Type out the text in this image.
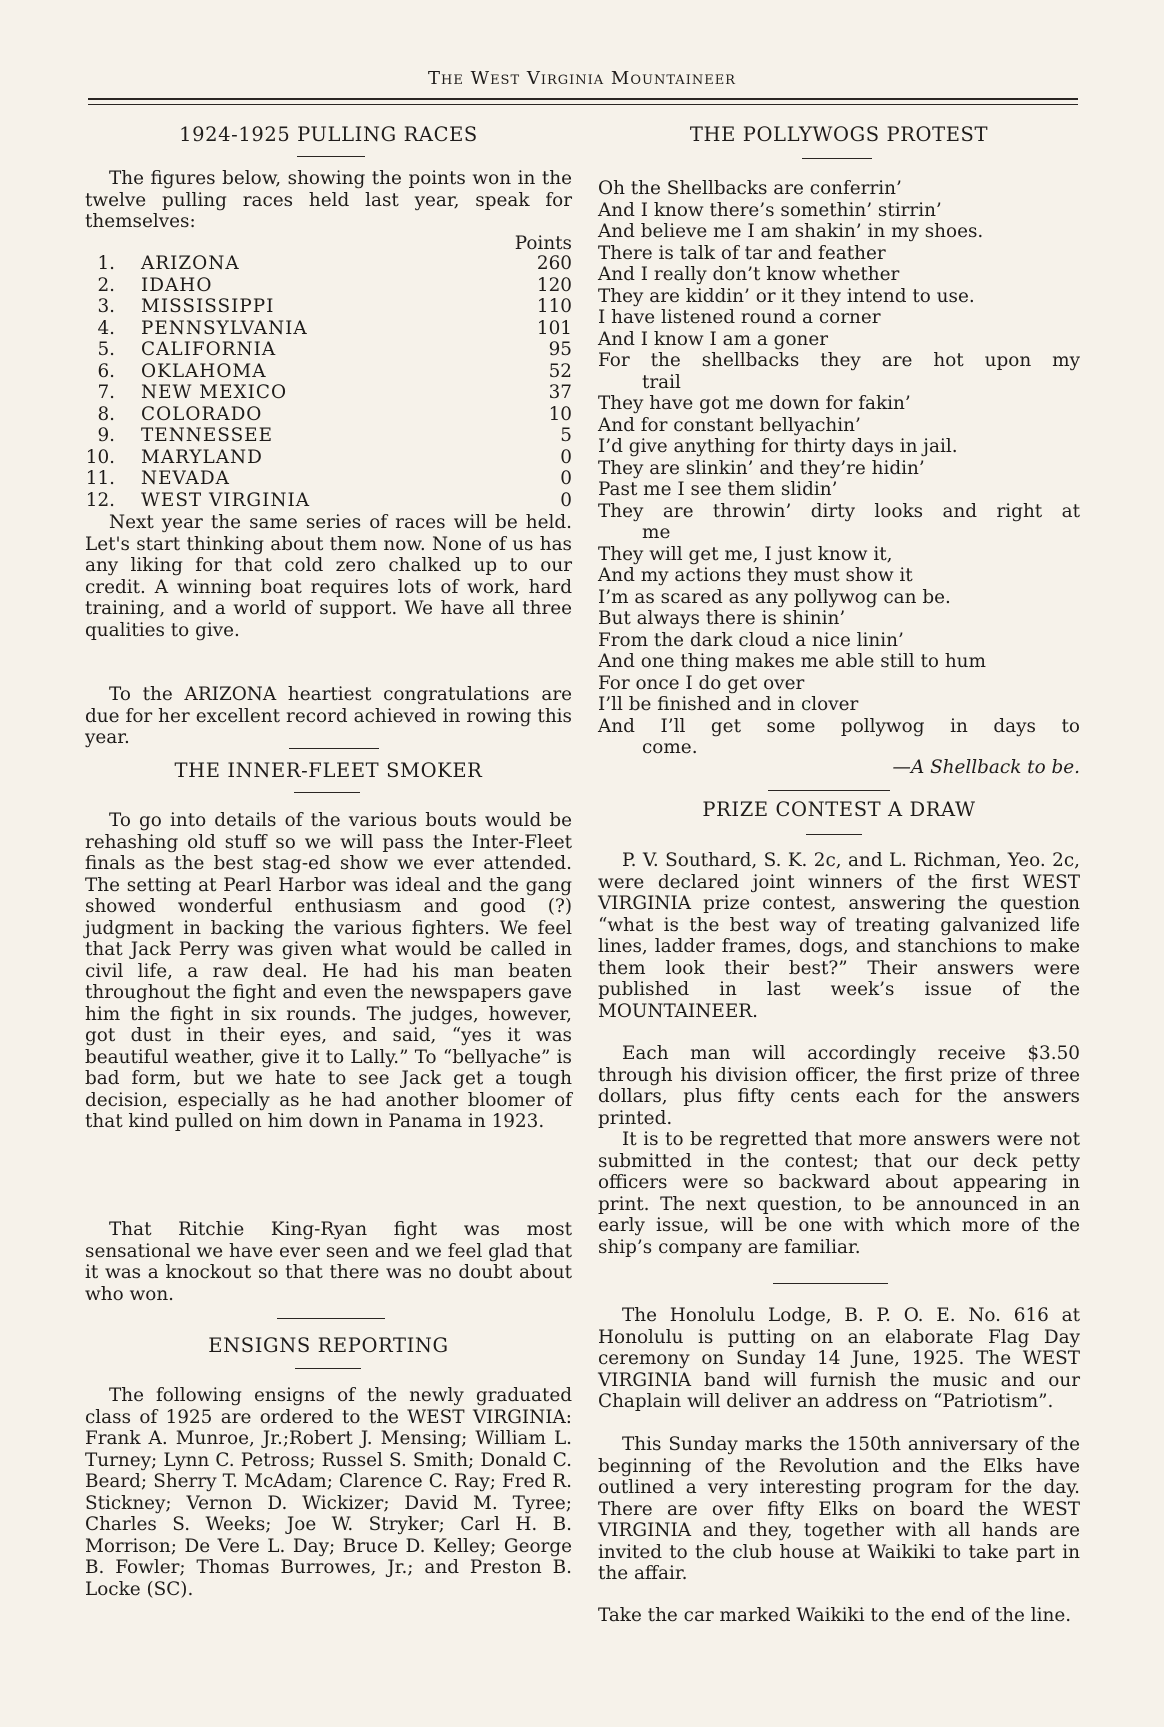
The West Virginia Mountaineer
1924-1925 PULLING RACES

The figures below, showing the points won in the twelve pulling races held last year, speak for themselves:

Points
1. ARIZONA	260
2. IDAHO	120
3. MISSISSIPPI	110
4. PENNSYLVANIA	101
5. CALIFORNIA	95
6. OKLAHOMA	52
7. NEW MEXICO	37
8. COLORADO	10
9. TENNESSEE	5
10. MARYLAND	0
11. NEVADA	0
12. WEST VIRGINIA	0

Next year the same series of races will be held. Let's start thinking about them now. None of us has any liking for that cold zero chalked up to our credit. A winning boat requires lots of work, hard training, and a world of support. We have all three qualities to give.

To the ARIZONA heartiest congratulations are due for her excellent record achieved in rowing this year.

THE INNER-FLEET SMOKER

To go into details of the various bouts would be rehashing old stuff so we will pass the Inter-Fleet finals as the best stag-ed show we ever attended. The setting at Pearl Harbor was ideal and the gang showed wonderful enthusiasm and good (?) judgment in backing the various fighters. We feel that Jack Perry was given what would be called in civil life, a raw deal. He had his man beaten throughout the fight and even the newspapers gave him the fight in six rounds. The judges, however, got dust in their eyes, and said, “yes it was beautiful weather, give it to Lally.” To “bellyache” is bad form, but we hate to see Jack get a tough decision, especially as he had another bloomer of that kind pulled on him down in Panama in 1923.

That Ritchie King-Ryan fight was most sensational we have ever seen and we feel glad that it was a knockout so that there was no doubt about who won.

ENSIGNS REPORTING

The following ensigns of the newly graduated class of 1925 are ordered to the WEST VIRGINIA: Frank A. Munroe, Jr.;Robert J. Mensing; William L. Turney; Lynn C. Petross; Russel S. Smith; Donald C. Beard; Sherry T. McAdam; Clarence C. Ray; Fred R. Stickney; Vernon D. Wickizer; David M. Tyree; Charles S. Weeks; Joe W. Stryker; Carl H. B. Morrison; De Vere L. Day; Bruce D. Kelley; George B. Fowler; Thomas Burrowes, Jr.; and Preston B. Locke (SC).

THE POLLYWOGS PROTEST
Oh the Shellbacks are conferrin’
And I know there’s somethin’ stirrin’
And believe me I am shakin’ in my shoes.
There is talk of tar and feather
And I really don’t know whether
They are kiddin’ or it they intend to use.
I have listened round a corner
And I know I am a goner
For the shellbacks they are hot upon my
trail
They have got me down for fakin’
And for constant bellyachin’
I’d give anything for thirty days in jail.
They are slinkin’ and they’re hidin’
Past me I see them slidin’
They are throwin’ dirty looks and right at
me
They will get me, I just know it,
And my actions they must show it
I’m as scared as any pollywog can be.
But always there is shinin’
From the dark cloud a nice linin’
And one thing makes me able still to hum
For once I do get over
I’ll be finished and in clover
And I’ll get some pollywog in days to
come.
—A Shellback to be.
PRIZE CONTEST A DRAW

P. V. Southard, S. K. 2c, and L. Richman, Yeo. 2c, were declared joint winners of the first WEST VIRGINIA prize contest, answering the question “what is the best way of treating galvanized life lines, ladder frames, dogs, and stanchions to make them look their best?” Their answers were published in last week’s issue of the MOUNTAINEER.

Each man will accordingly receive $3.50 through his division officer, the first prize of three dollars, plus fifty cents each for the answers printed.

It is to be regretted that more answers were not submitted in the contest; that our deck petty officers were so backward about appearing in print. The next question, to be announced in an early issue, will be one with which more of the ship’s company are familiar.

The Honolulu Lodge, B. P. O. E. No. 616 at Honolulu is putting on an elaborate Flag Day ceremony on Sunday 14 June, 1925. The WEST VIRGINIA band will furnish the music and our Chaplain will deliver an address on “Patriotism”.

This Sunday marks the 150th anniversary of the beginning of the Revolution and the Elks have outlined a very interesting program for the day. There are over fifty Elks on board the WEST VIRGINIA and they, together with all hands are invited to the club house at Waikiki to take part in the affair.

Take the car marked Waikiki to the end of the line.
